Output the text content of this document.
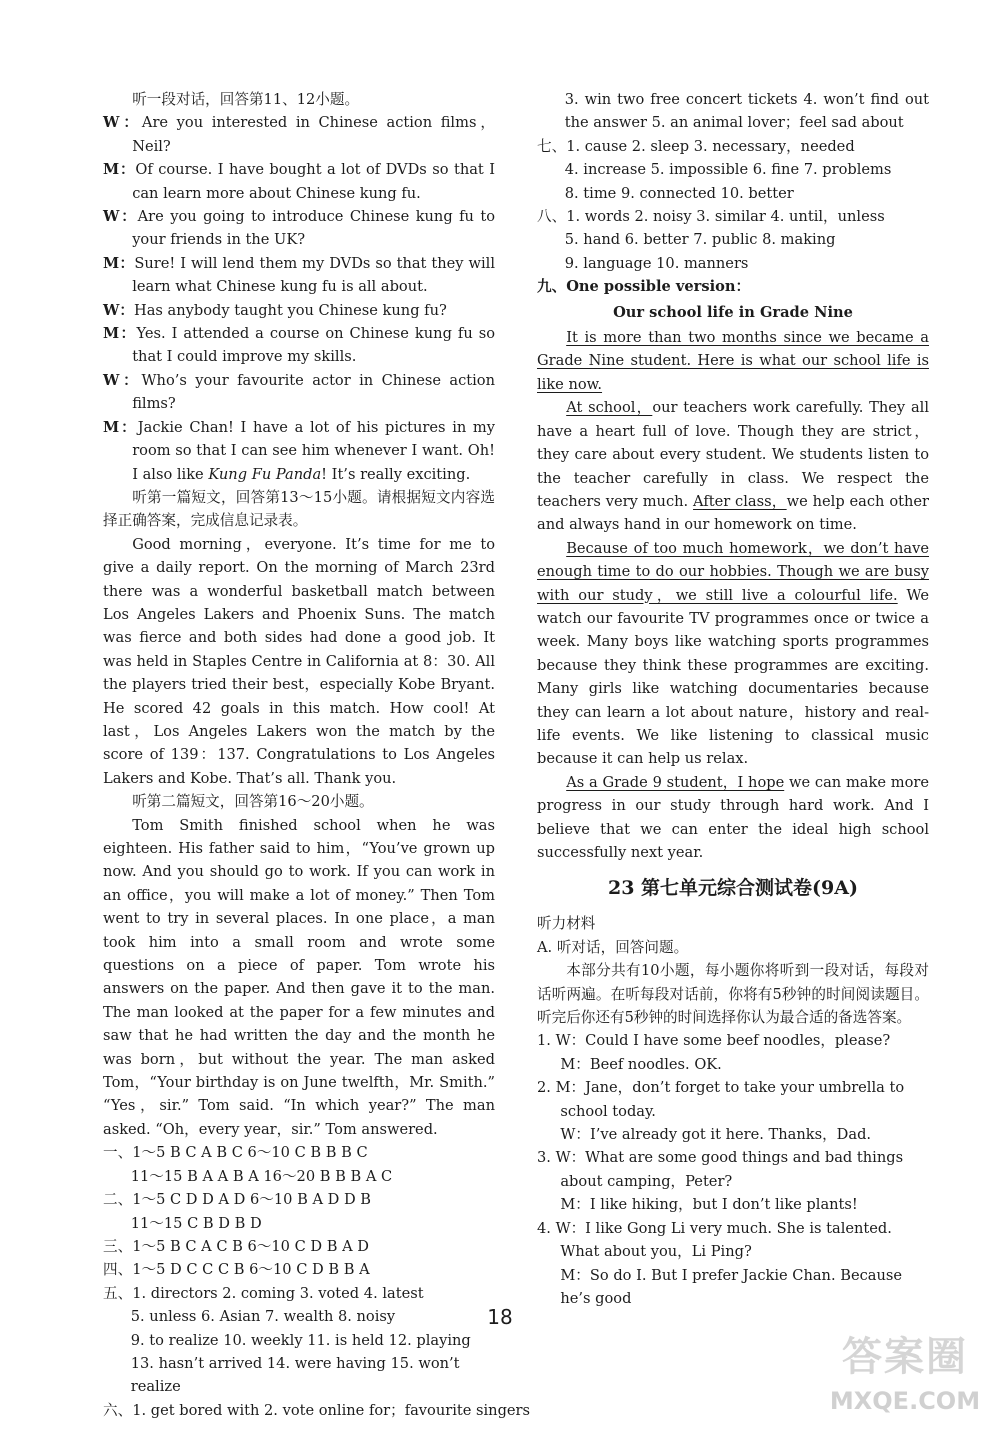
听一段对话，回答第11、12小题。

W：Are you interested in Chinese action films，Neil?

M：Of course. I have bought a lot of DVDs so that I can learn more about Chinese kung fu.

W：Are you going to introduce Chinese kung fu to your friends in the UK?

M：Sure! I will lend them my DVDs so that they will learn what Chinese kung fu is all about.

W：Has anybody taught you Chinese kung fu?

M：Yes. I attended a course on Chinese kung fu so that I could improve my skills.

W：Who’s your favourite actor in Chinese action films?

M：Jackie Chan! I have a lot of his pictures in my room so that I can see him whenever I want. Oh! I also like Kung Fu Panda! It’s really exciting.

听第一篇短文，回答第13～15小题。请根据短文内容选择正确答案，完成信息记录表。

Good morning，everyone. It’s time for me to give a daily report. On the morning of March 23rd there was a wonderful basketball match between Los Angeles Lakers and Phoenix Suns. The match was fierce and both sides had done a good job. It was held in Staples Centre in California at 8：30. All the players tried their best，especially Kobe Bryant. He scored 42 goals in this match. How cool! At last，Los Angeles Lakers won the match by the score of 139：137. Congratulations to Los Angeles Lakers and Kobe. That’s all. Thank you.

听第二篇短文，回答第16～20小题。

Tom Smith finished school when he was eighteen. His father said to him，“You’ve grown up now. And you should go to work. If you can work in an office，you will make a lot of money.” Then Tom went to try in several places. In one place，a man took him into a small room and wrote some questions on a piece of paper. Tom wrote his answers on the paper. And then gave it to the man. The man looked at the paper for a few minutes and saw that he had written the day and the month he was born，but without the year. The man asked Tom，“Your birthday is on June twelfth，Mr. Smith.” “Yes，sir.” Tom said. “In which year?” The man asked. “Oh，every year，sir.” Tom answered.

一、1～5 B C A B C 6～10 C B B B C

11～15 B A A B A 16～20 B B B A C

二、1～5 C D D A D 6～10 B A D D B

11～15 C B D B D

三、1～5 B C A C B 6～10 C D B A D

四、1～5 D C C C B 6～10 C D B B A

五、1. directors 2. coming 3. voted 4. latest

5. unless 6. Asian 7. wealth 8. noisy

9. to realize 10. weekly 11. is held 12. playing

13. hasn’t arrived 14. were having 15. won’t

realize

六、1. get bored with 2. vote online for；favourite singers

3. win two free concert tickets 4. won’t find out the answer 5. an animal lover；feel sad about

七、1. cause 2. sleep 3. necessary，needed

4. increase 5. impossible 6. fine 7. problems

8. time 9. connected 10. better

八、1. words 2. noisy 3. similar 4. until，unless

5. hand 6. better 7. public 8. making

9. language 10. manners

九、One possible version：

Our school life in Grade Nine

It is more than two months since we became a Grade Nine student. Here is what our school life is like now.

At school，our teachers work carefully. They all have a heart full of love. Though they are strict，they care about every student. We students listen to the teacher carefully in class. We respect the teachers very much. After class，we help each other and always hand in our homework on time.

Because of too much homework，we don’t have enough time to do our hobbies. Though we are busy with our study，we still live a colourful life. We watch our favourite TV programmes once or twice a week. Many boys like watching sports programmes because they think these programmes are exciting. Many girls like watching documentaries because they can learn a lot about nature，history and real-life events. We like listening to classical music because it can help us relax.

As a Grade 9 student，I hope we can make more progress in our study through hard work. And I believe that we can enter the ideal high school successfully next year.

23 第七单元综合测试卷(9A)

听力材料

A. 听对话，回答问题。

本部分共有10小题，每小题你将听到一段对话，每段对话听两遍。在听每段对话前，你将有5秒钟的时间阅读题目。听完后你还有5秒钟的时间选择你认为最合适的备选答案。

1. W：Could I have some beef noodles，please?

M：Beef noodles. OK.

2. M：Jane，don’t forget to take your umbrella to school today.

W：I’ve already got it here. Thanks，Dad.

3. W：What are some good things and bad things about camping，Peter?

M：I like hiking，but I don’t like plants!

4. W：I like Gong Li very much. She is talented. What about you，Li Ping?

M：So do I. But I prefer Jackie Chan. Because he’s good

18
答案圈
MXQE.COM
